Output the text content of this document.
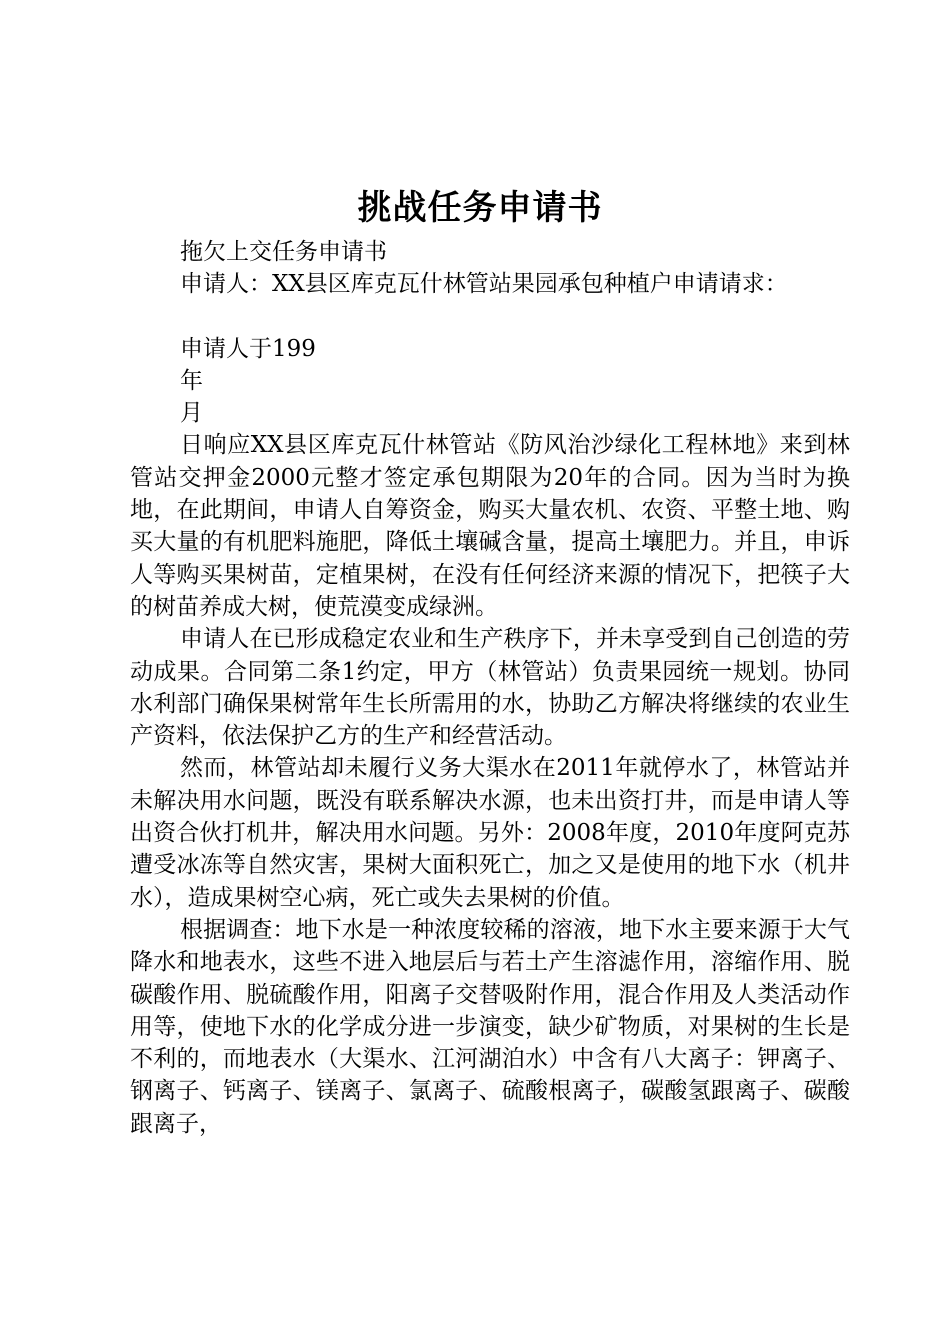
挑战任务申请书
拖欠上交任务申请书
申请人：XX县区库克瓦什林管站果园承包种植户申请请求：
申请人于199
年
月
日响应XX县区库克瓦什林管站《防风治沙绿化工程林地》来到林管站交押金2000元整才签定承包期限为20年的合同。因为当时为换地，在此期间，申请人自筹资金，购买大量农机、农资、平整土地、购买大量的有机肥料施肥，降低土壤碱含量，提高土壤肥力。并且，申诉人等购买果树苗，定植果树，在没有任何经济来源的情况下，把筷子大的树苗养成大树，使荒漠变成绿洲。
申请人在已形成稳定农业和生产秩序下，并未享受到自己创造的劳动成果。合同第二条1约定，甲方（林管站）负责果园统一规划。协同水利部门确保果树常年生长所需用的水，协助乙方解决将继续的农业生产资料，依法保护乙方的生产和经营活动。
然而，林管站却未履行义务大渠水在2011年就停水了，林管站并未解决用水问题，既没有联系解决水源，也未出资打井，而是申请人等出资合伙打机井，解决用水问题。另外：2008年度，2010年度阿克苏遭受冰冻等自然灾害，果树大面积死亡，加之又是使用的地下水（机井水），造成果树空心病，死亡或失去果树的价值。
根据调查：地下水是一种浓度较稀的溶液，地下水主要来源于大气降水和地表水，这些不进入地层后与若土产生溶滤作用，溶缩作用、脱碳酸作用、脱硫酸作用，阳离子交替吸附作用，混合作用及人类活动作用等，使地下水的化学成分进一步演变，缺少矿物质，对果树的生长是不利的，而地表水（大渠水、江河湖泊水）中含有八大离子：钾离子、钢离子、钙离子、镁离子、氯离子、硫酸根离子，碳酸氢跟离子、碳酸跟离子，
